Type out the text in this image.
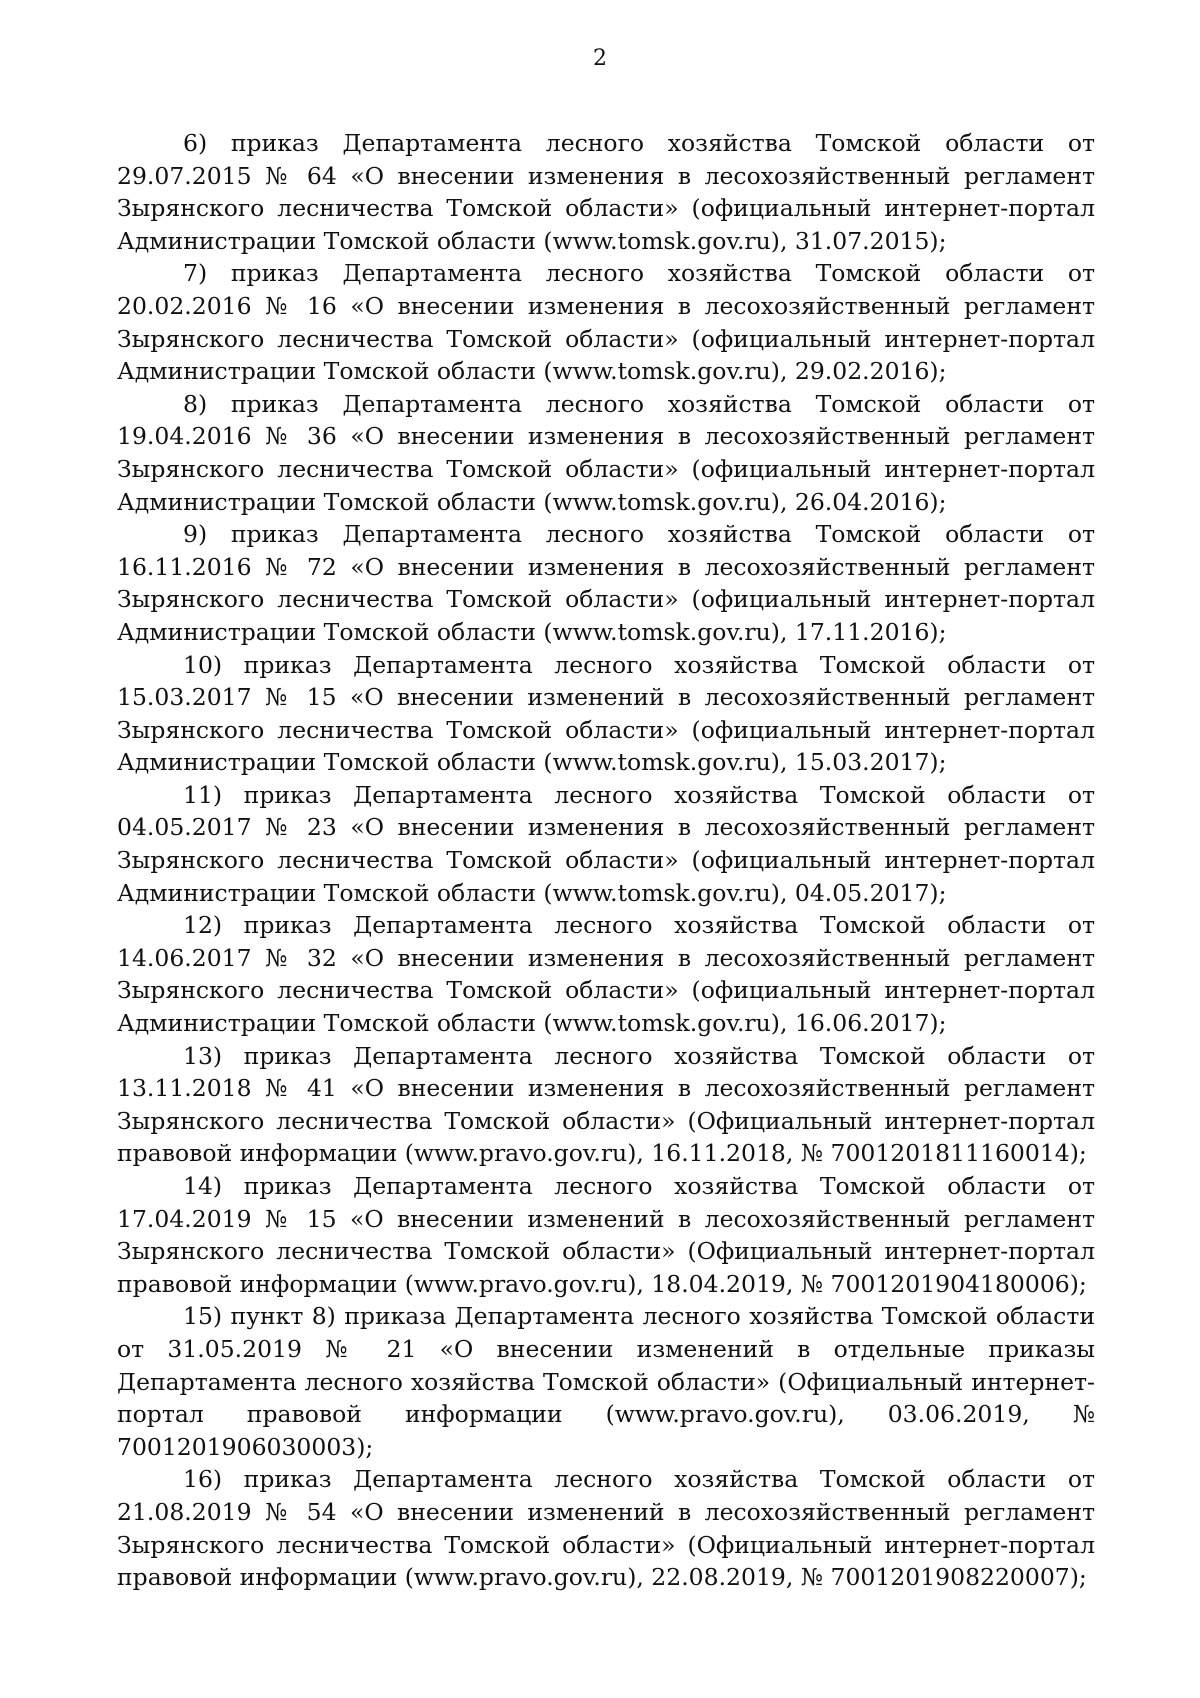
2

6) приказ Департамента лесного хозяйства Томской области от 29.07.2015 № 64 «О внесении изменения в лесохозяйственный регламент Зырянского лесничества Томской области» (официальный интернет-портал Администрации Томской области (www.tomsk.gov.ru), 31.07.2015);

7) приказ Департамента лесного хозяйства Томской области от 20.02.2016 № 16 «О внесении изменения в лесохозяйственный регламент Зырянского лесничества Томской области» (официальный интернет-портал Администрации Томской области (www.tomsk.gov.ru), 29.02.2016);

8) приказ Департамента лесного хозяйства Томской области от 19.04.2016 № 36 «О внесении изменения в лесохозяйственный регламент Зырянского лесничества Томской области» (официальный интернет-портал Администрации Томской области (www.tomsk.gov.ru), 26.04.2016);

9) приказ Департамента лесного хозяйства Томской области от 16.11.2016 № 72 «О внесении изменения в лесохозяйственный регламент Зырянского лесничества Томской области» (официальный интернет-портал Администрации Томской области (www.tomsk.gov.ru), 17.11.2016);

10) приказ Департамента лесного хозяйства Томской области от 15.03.2017 № 15 «О внесении изменений в лесохозяйственный регламент Зырянского лесничества Томской области» (официальный интернет-портал Администрации Томской области (www.tomsk.gov.ru), 15.03.2017);

11) приказ Департамента лесного хозяйства Томской области от 04.05.2017 № 23 «О внесении изменения в лесохозяйственный регламент Зырянского лесничества Томской области» (официальный интернет-портал Администрации Томской области (www.tomsk.gov.ru), 04.05.2017);

12) приказ Департамента лесного хозяйства Томской области от 14.06.2017 № 32 «О внесении изменения в лесохозяйственный регламент Зырянского лесничества Томской области» (официальный интернет-портал Администрации Томской области (www.tomsk.gov.ru), 16.06.2017);

13) приказ Департамента лесного хозяйства Томской области от 13.11.2018 № 41 «О внесении изменения в лесохозяйственный регламент Зырянского лесничества Томской области» (Официальный интернет-портал правовой информации (www.pravo.gov.ru), 16.11.2018, № 7001201811160014);

14) приказ Департамента лесного хозяйства Томской области от 17.04.2019 № 15 «О внесении изменений в лесохозяйственный регламент Зырянского лесничества Томской области» (Официальный интернет-портал правовой информации (www.pravo.gov.ru), 18.04.2019, № 7001201904180006);

15) пункт 8) приказа Департамента лесного хозяйства Томской области от 31.05.2019 № 21 «О внесении изменений в отдельные приказы Департамента лесного хозяйства Томской области» (Официальный интернет-портал правовой информации (www.pravo.gov.ru), 03.06.2019, № 7001201906030003);

16) приказ Департамента лесного хозяйства Томской области от 21.08.2019 № 54 «О внесении изменений в лесохозяйственный регламент Зырянского лесничества Томской области» (Официальный интернет-портал правовой информации (www.pravo.gov.ru), 22.08.2019, № 7001201908220007);
